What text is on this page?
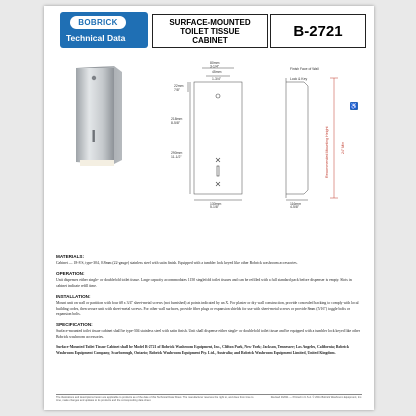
BOBRICK
Technical Data
SURFACE-MOUNTED
TOILET TISSUE
CABINET
B-2721
80mm
3-1/4"
45mm
1-3/4"
22mm
7/8"
218mm
8-5/8"
290mm
11-1/2"
130mm
5-1/8"
Finish Face of Wall
Lock & Key
116mm
4-5/8"
Recommended Mounting Height	24" Min
♿
MATERIALS:
Cabinet — 18-8 S, type-304, 0.8mm (22-gauge) stainless steel with satin finish. Equipped with a tumbler lock keyed like other Bobrick washroom accessories.
OPERATION:
Unit dispenses either single- or doublefold toilet tissue. Large capacity accommodates 1150 singlefold toilet tissues and can be refilled with a full standard pack before dispenser is empty. Slots in cabinet indicate refill time.
INSTALLATION:
Mount unit on wall or partition with four #8 x 3/4" sheet-metal screws (not furnished) at points indicated by an X. For plaster or dry wall construction, provide concealed backing to comply with local building codes, then secure unit with sheet-metal screws. For other wall surfaces, provide fiber plugs or expansion shields for use with sheet-metal screws or provide 8mm (5/16") toggle bolts or expansion bolts.
SPECIFICATION:
Surface-mounted toilet tissue cabinet shall be type-304 stainless steel with satin finish. Unit shall dispense either single- or doublefold toilet tissue and be equipped with a tumbler lock keyed like other Bobrick washroom accessories.
Surface-Mounted Toilet Tissue Cabinet shall be Model B-2721 of Bobrick Washroom Equipment, Inc., Clifton Park, New York; Jackson, Tennessee; Los Angeles, California; Bobrick Washroom Equipment Company, Scarborough, Ontario; Bobrick Washroom Equipment Pty. Ltd., Australia; and Bobrick Washroom Equipment Limited, United Kingdom.
The illustrations and descriptions herein are applicable to products as of the date of this Technical Data Sheet. The manufacturer reserves the right to, and does from time to time, make changes and updates to its products and the corresponding data sheet.
Revised 3/2011 — Printed in U.S.A. © 2011 Bobrick Washroom Equipment, Inc.
